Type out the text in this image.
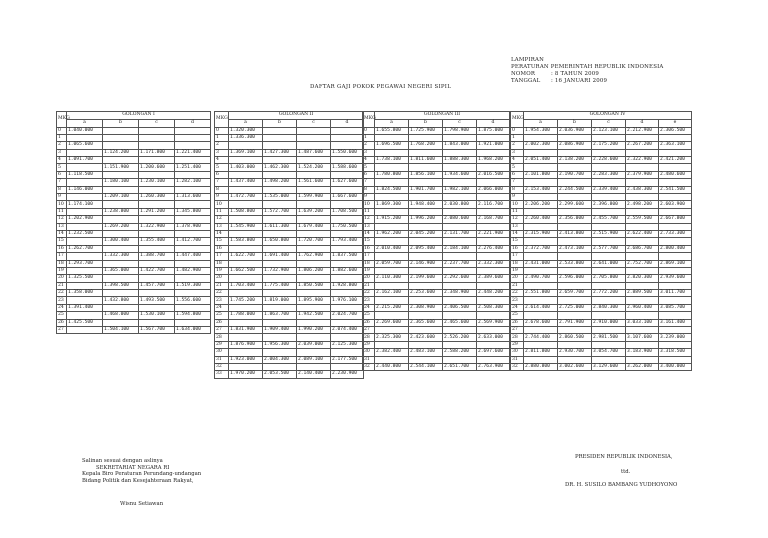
LAMPIRAN
PERATURAN PEMERINTAH REPUBLIK INDONESIA
NOMOR	: 8 TAHUN 2009
TANGGAL : 16 JANUARI 2009
DAFTAR GAJI POKOK PEGAWAI NEGERI SIPIL
MKG	GOLONGAN I			
	a	b	c	d
0	1.040.000			
1				
2	1.065.600			
3		1.124.200	1.171.800	1.221.400
4	1.091.700			
5		1.151.900	1.200.600	1.251.400
6	1.118.500			
7		1.180.100	1.230.100	1.282.100
8	1.146.000			
9		1.209.100	1.260.300	1.313.600
10	1.174.100			
11		1.238.800	1.291.200	1.345.800
12	1.202.900			
13		1.269.200	1.322.900	1.378.900
14	1.232.500			
15		1.300.400	1.355.400	1.412.700
16	1.262.700			
17		1.332.300	1.388.700	1.447.400
18	1.293.700			
19		1.365.000	1.422.700	1.482.900
20	1.325.500			
21		1.398.500	1.457.700	1.519.300
22	1.358.000			
23		1.432.800	1.493.500	1.556.600
24	1.391.400			
25		1.468.000	1.530.100	1.594.800
26	1.425.500			
27		1.504.100	1.567.700	1.634.000
MKG	GOLONGAN II			
	a	b	c	d
0	1.320.300			
1	1.336.300			
2				
3	1.369.100	1.427.300	1.487.600	1.550.600
4				
5	1.403.000	1.462.300	1.524.200	1.588.600
6				
7	1.437.400	1.498.200	1.561.600	1.627.600
8				
9	1.472.700	1.535.000	1.599.900	1.667.600
10				
11	1.508.800	1.572.700	1.639.200	1.708.500
12				
13	1.545.900	1.611.300	1.679.400	1.750.500
14				
15	1.583.800	1.650.800	1.720.700	1.793.400
16				
17	1.622.700	1.691.400	1.762.900	1.837.500
18				
19	1.662.500	1.732.900	1.806.200	1.882.600
20				
21	1.703.400	1.775.400	1.850.500	1.928.800
22				
23	1.745.200	1.819.000	1.895.900	1.976.100
24				
25	1.788.000	1.863.700	1.942.500	2.024.700
26				
27	1.831.900	1.909.400	1.990.200	2.074.400
28				
29	1.876.900	1.956.300	2.039.000	2.125.300
30				
31	1.923.000	2.004.300	2.089.100	2.177.500
32				
33	1.970.200	2.053.500	2.140.400	2.230.900
MKG	GOLONGAN III			
	a	b	c	d
0	1.655.800	1.725.900	1.798.900	1.875.000
1				
2	1.696.500	1.768.200	1.843.000	1.921.000
3				
4	1.738.100	1.811.600	1.888.300	1.968.200
5				
6	1.780.800	1.856.100	1.934.600	2.016.500
7				
8	1.824.500	1.901.700	1.982.100	2.066.000
9				
10	1.869.300	1.948.400	2.030.800	2.116.700
11				
12	1.915.200	1.996.200	2.080.600	2.168.700
13				
14	1.962.200	2.045.200	2.131.700	2.221.900
15				
16	2.010.400	2.095.400	2.184.100	2.276.400
17				
18	2.059.700	2.146.900	2.237.700	2.332.300
19				
20	2.110.300	2.199.600	2.292.600	2.389.600
21				
22	2.162.100	2.253.600	2.348.900	2.448.200
23				
24	2.215.200	2.308.900	2.406.500	2.508.300
25				
26	2.269.600	2.365.600	2.465.600	2.569.900
27				
28	2.325.300	2.423.600	2.526.200	2.633.000
29				
30	2.382.400	2.483.100	2.588.200	2.697.600
31				
32	2.440.800	2.544.100	2.651.700	2.763.900
MKG	GOLONGAN IV				
	a	b	c	d	e
0	1.954.300	2.036.900	2.123.100	2.212.900	2.306.500
1					
2	2.002.300	2.086.900	2.175.200	2.267.200	2.363.100
3					
4	2.051.400	2.138.200	2.228.600	2.322.900	2.421.200
5					
6	2.101.800	2.190.700	2.283.300	2.379.900	2.480.600
7					
8	2.153.400	2.244.500	2.339.400	2.438.300	2.541.500
9					
10	2.206.200	2.299.600	2.396.800	2.498.200	2.603.900
11					
12	2.260.400	2.356.000	2.455.700	2.559.500	2.667.800
13					
14	2.315.900	2.413.800	2.515.900	2.622.400	2.733.300
15					
16	2.372.700	2.473.100	2.577.700	2.686.700	2.800.400
17					
18	2.431.000	2.533.800	2.641.000	2.752.700	2.869.100
19					
20	2.490.700	2.596.000	2.705.800	2.820.300	2.939.600
21					
22	2.551.800	2.659.700	2.772.200	2.889.500	3.011.700
23					
24	2.614.400	2.725.000	2.840.300	2.960.400	3.085.700
25					
26	2.678.600	2.791.900	2.910.000	3.033.100	3.161.400
27					
28	2.744.400	2.860.500	2.981.500	3.107.600	3.239.000
29					
30	2.811.800	2.930.700	3.054.700	3.183.900	3.318.500
31					
32	2.880.800	3.002.600	3.129.600	3.262.000	3.400.000
Salinan sesuai dengan aslinya
SEKRETARIAT NEGARA RI
Kepala Biro Peraturan Perundang-undangan
Bidang Politik dan Kesejahteraan Rakyat,
Wisnu Setiawan
PRESIDEN REPUBLIK INDONESIA,
ttd.
DR. H. SUSILO BAMBANG YUDHOYONO
